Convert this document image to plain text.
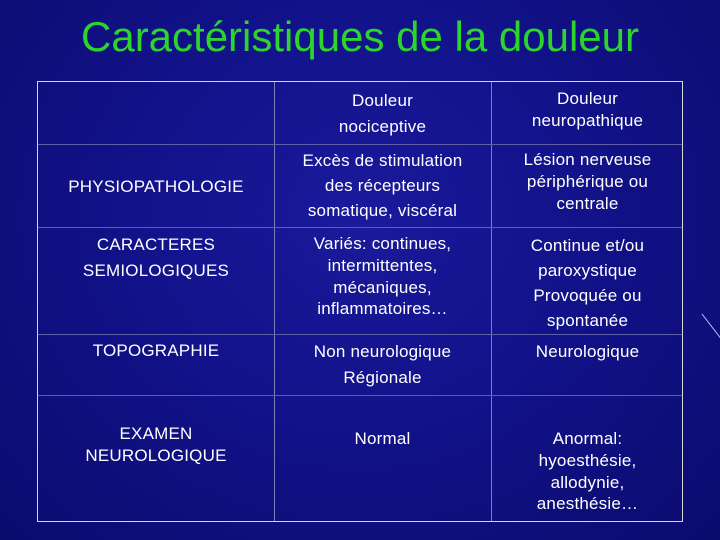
Caractéristiques de la douleur
Douleur
nociceptive
Douleur
neuropathique
PHYSIOPATHOLOGIE
Excès de stimulation
des récepteurs
somatique, viscéral
Lésion nerveuse
périphérique ou
centrale
CARACTERES
SEMIOLOGIQUES
Variés: continues,
intermittentes,
mécaniques,
inflammatoires…
Continue et/ou
paroxystique
Provoquée ou
spontanée
TOPOGRAPHIE	Non neurologique
Régionale
Neurologique
EXAMEN
NEUROLOGIQUE
Normal	Anormal:
hyoesthésie,
allodynie,
anesthésie…
